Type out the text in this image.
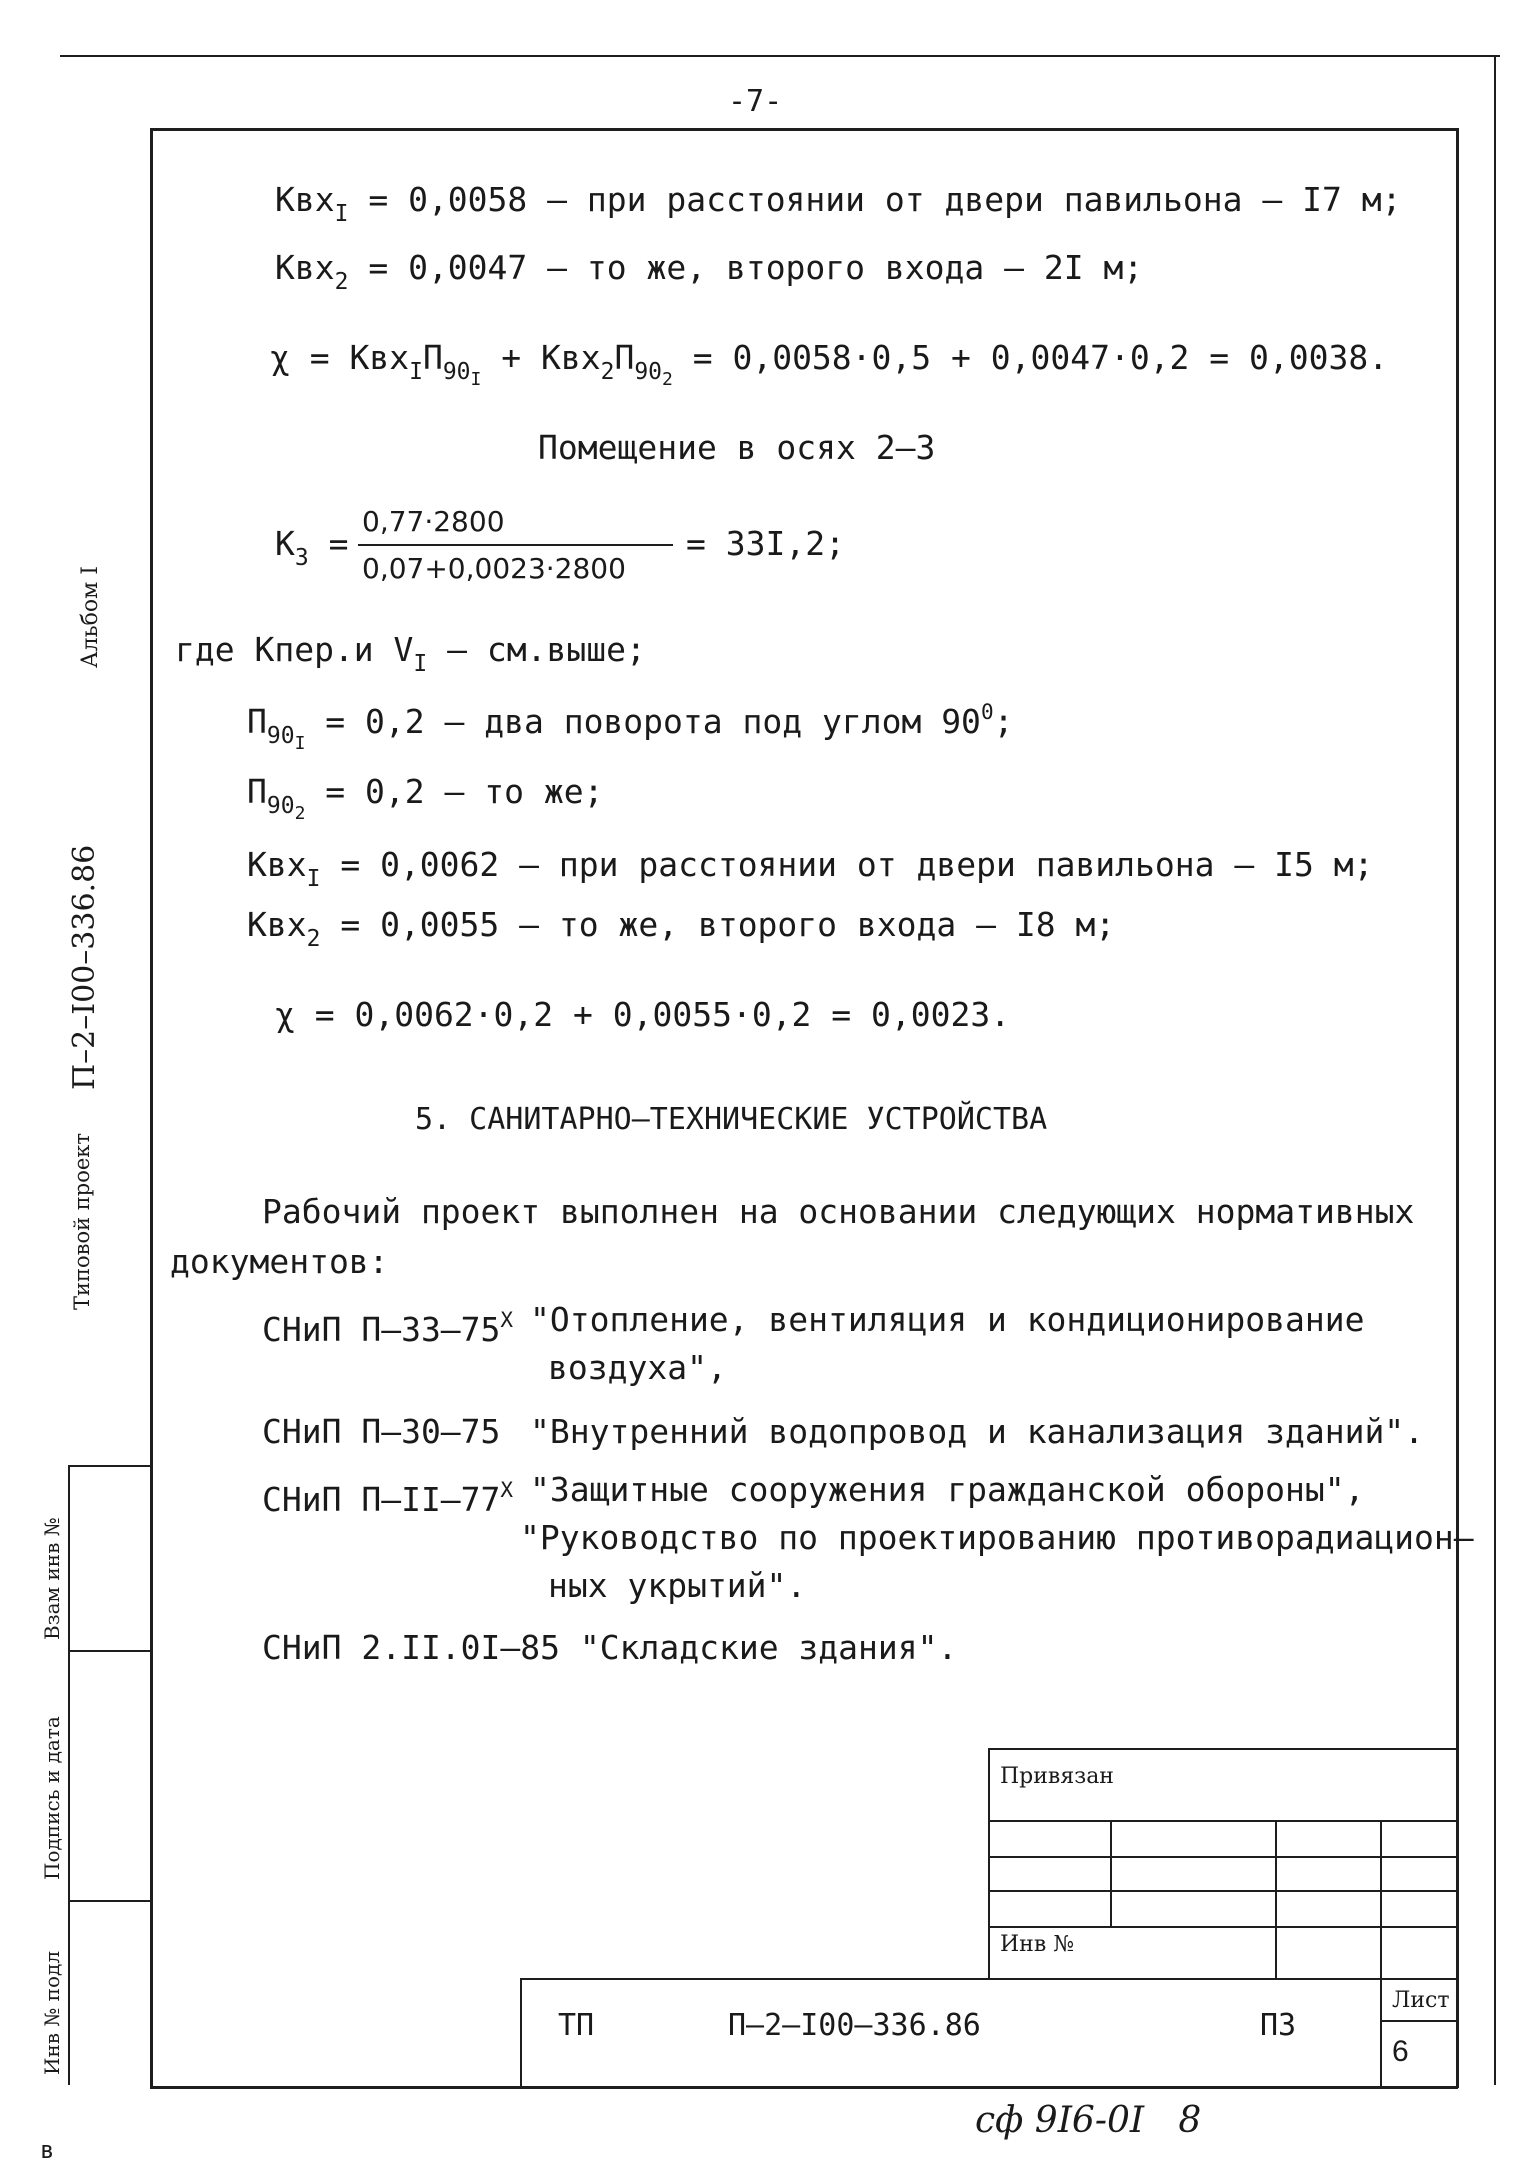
-7-
Альбом I
Типовой проект
П–2–I00–336.86
Взам инв №
Подпись и дата
Инв № подл
Квх$_I$ = 0,0058 – при расстоянии от двери павильона – I7 м;
Квх$_2$ = 0,0047 – то же, второго входа – 2I м;
$\chi = Квх_IП_{90I} + Квх_2П_{902} = 0,0058\cdot 0,5 + 0,0047\cdot 0,2 = 0,0038$.
Помещение в осях 2–3
$К_3$ =
0,77·2800
0,07+0,0023·2800
= 33I,2;
где Кпер.и $V_I$ – см.выше;
$П_{90I} = 0,2$ – два поворота под углом $90^0$;
$П_{902} = 0,2$ – то же;
Квх$_I$ = 0,0062 – при расстоянии от двери павильона – I5 м;
Квх$_2$ = 0,0055 – то же, второго входа – I8 м;
χ = 0,0062·0,2 + 0,0055·0,2 = 0,0023.
5. САНИТАРНО–ТЕХНИЧЕСКИЕ УСТРОЙСТВА
Рабочий проект выполнен на основании следующих нормативных
документов:
СНиП $П-33-75^X$ "Отопление, вентиляция и кондиционирование
воздуха",
СНиП П–30–75 "Внутренний водопровод и канализация зданий".
СНиП $П-II-77^X$ "Защитные сооружения гражданской обороны",
"Руководство по проектированию противорадиацион–
ных укрытий".
СНиП 2.II.0I–85 "Складские здания".
Привязан
Инв №
ТП	П–2–I00–336.86	ПЗ
Лист
6
сф 9I6-0I   8
в
